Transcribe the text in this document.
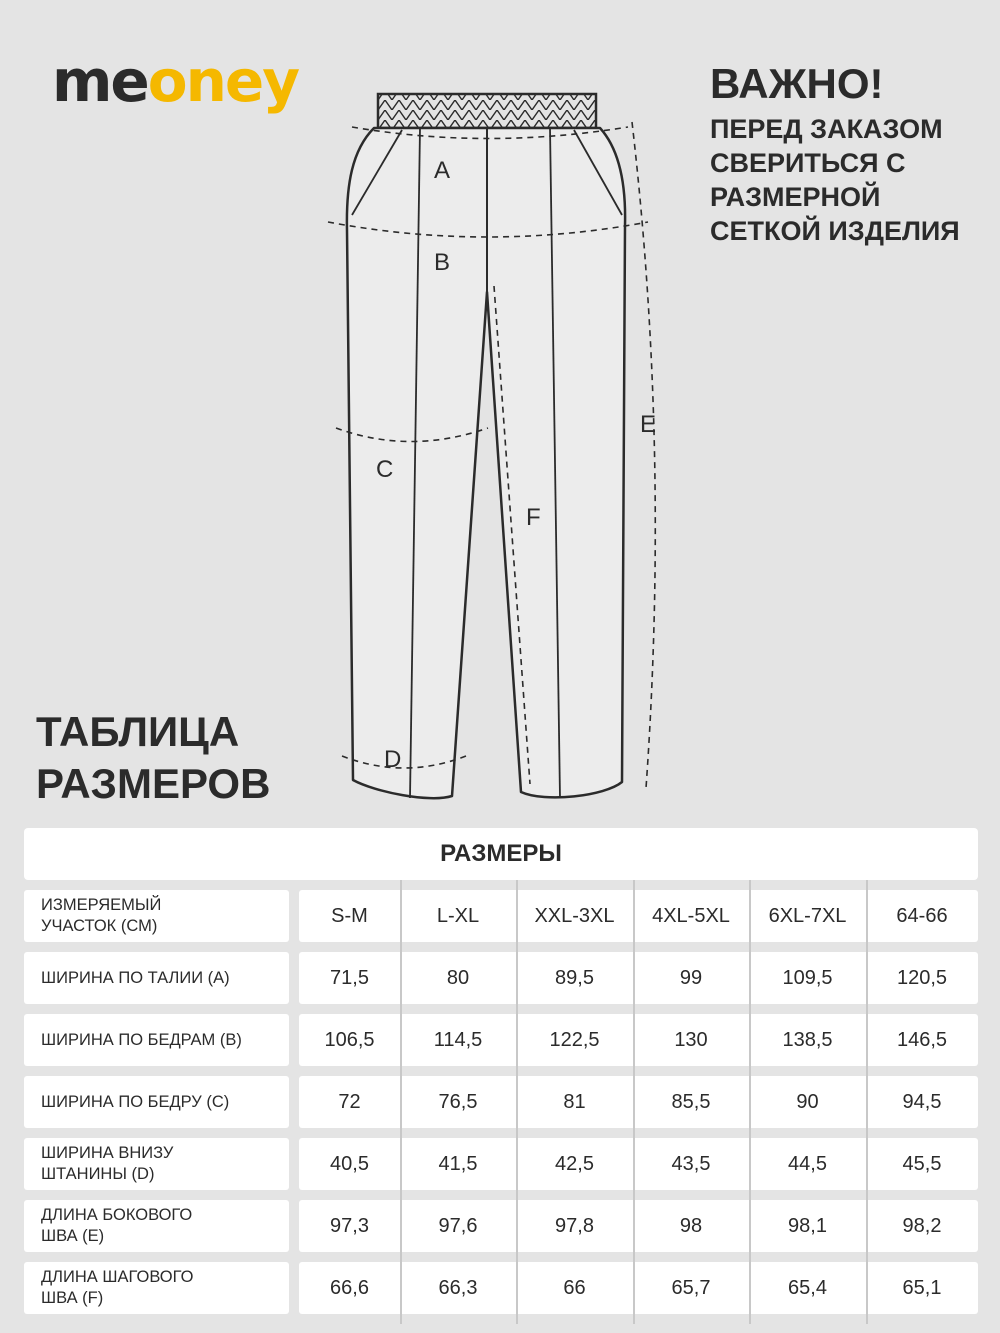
meoney	ВАЖНО!
ПЕРЕД ЗАКАЗОМ
СВЕРИТЬСЯ С
РАЗМЕРНОЙ
СЕТКОЙ ИЗДЕЛИЯ
A
B
C
D
E
F
ТАБЛИЦА
РАЗМЕРОВ
РАЗМЕРЫ
ИЗМЕРЯЕМЫЙ
УЧАСТОК (СМ)	S-M	L-XL	XXL-3XL	4XL-5XL	6XL-7XL	64-66
ШИРИНА ПО ТАЛИИ (A)	71,5	80	89,5	99	109,5	120,5
ШИРИНА ПО БЕДРАМ (B)	106,5	114,5	122,5	130	138,5	146,5
ШИРИНА ПО БЕДРУ (C)	72	76,5	81	85,5	90	94,5
ШИРИНА ВНИЗУ
ШТАНИНЫ (D)	40,5	41,5	42,5	43,5	44,5	45,5
ДЛИНА БОКОВОГО
ШВА (E)	97,3	97,6	97,8	98	98,1	98,2
ДЛИНА ШАГОВОГО
ШВА (F)	66,6	66,3	66	65,7	65,4	65,1
